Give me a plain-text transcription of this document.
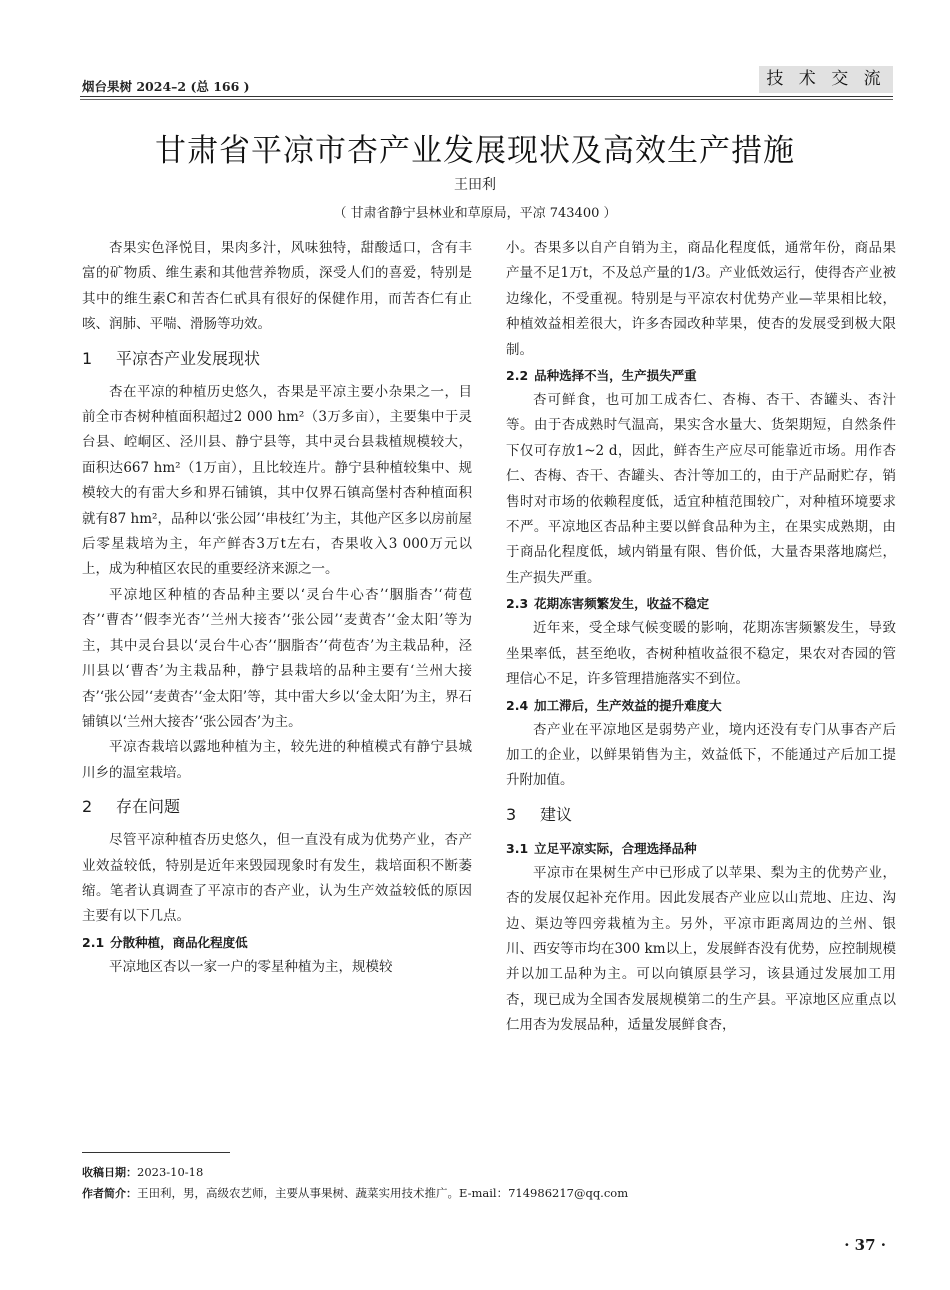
烟台果树 2024–2 (总 166 )	技 术 交 流
甘肃省平凉市杏产业发展现状及高效生产措施
王田利
（ 甘肃省静宁县林业和草原局，平凉 743400 ）

杏果实色泽悦目，果肉多汁，风味独特，甜酸适口，含有丰富的矿物质、维生素和其他营养物质，深受人们的喜爱，特别是其中的维生素C和苦杏仁甙具有很好的保健作用，而苦杏仁有止咳、润肺、平喘、滑肠等功效。

1 平凉杏产业发展现状

杏在平凉的种植历史悠久，杏果是平凉主要小杂果之一，目前全市杏树种植面积超过2 000 hm²（3万多亩），主要集中于灵台县、崆峒区、泾川县、静宁县等，其中灵台县栽植规模较大，面积达667 hm²（1万亩），且比较连片。静宁县种植较集中、规模较大的有雷大乡和界石铺镇，其中仅界石镇高堡村杏种植面积就有87 hm²，品种以‘张公园’‘串枝红’为主，其他产区多以房前屋后零星栽培为主，年产鲜杏3万t左右，杏果收入3 000万元以上，成为种植区农民的重要经济来源之一。

平凉地区种植的杏品种主要以‘灵台牛心杏’‘胭脂杏’‘荷苞杏’‘曹杏’‘假李光杏’‘兰州大接杏’‘张公园’‘麦黄杏’‘金太阳’等为主，其中灵台县以‘灵台牛心杏’‘胭脂杏’‘荷苞杏’为主栽品种，泾川县以‘曹杏’为主栽品种，静宁县栽培的品种主要有‘兰州大接杏’‘张公园’‘麦黄杏’‘金太阳’等，其中雷大乡以‘金太阳’为主，界石铺镇以‘兰州大接杏’‘张公园杏’为主。

平凉杏栽培以露地种植为主，较先进的种植模式有静宁县城川乡的温室栽培。

2 存在问题

尽管平凉种植杏历史悠久，但一直没有成为优势产业，杏产业效益较低，特别是近年来毁园现象时有发生，栽培面积不断萎缩。笔者认真调查了平凉市的杏产业，认为生产效益较低的原因主要有以下几点。

2.1 分散种植，商品化程度低

平凉地区杏以一家一户的零星种植为主，规模较

小。杏果多以自产自销为主，商品化程度低，通常年份，商品果产量不足1万t，不及总产量的1/3。产业低效运行，使得杏产业被边缘化，不受重视。特别是与平凉农村优势产业—苹果相比较，种植效益相差很大，许多杏园改种苹果，使杏的发展受到极大限制。

2.2 品种选择不当，生产损失严重

杏可鲜食，也可加工成杏仁、杏梅、杏干、杏罐头、杏汁等。由于杏成熟时气温高，果实含水量大、货架期短，自然条件下仅可存放1~2 d，因此，鲜杏生产应尽可能靠近市场。用作杏仁、杏梅、杏干、杏罐头、杏汁等加工的，由于产品耐贮存，销售时对市场的依赖程度低，适宜种植范围较广，对种植环境要求不严。平凉地区杏品种主要以鲜食品种为主，在果实成熟期，由于商品化程度低，域内销量有限、售价低，大量杏果落地腐烂，生产损失严重。

2.3 花期冻害频繁发生，收益不稳定

近年来，受全球气候变暖的影响，花期冻害频繁发生，导致坐果率低，甚至绝收，杏树种植收益很不稳定，果农对杏园的管理信心不足，许多管理措施落实不到位。

2.4 加工滞后，生产效益的提升难度大

杏产业在平凉地区是弱势产业，境内还没有专门从事杏产后加工的企业，以鲜果销售为主，效益低下，不能通过产后加工提升附加值。

3 建议
3.1 立足平凉实际，合理选择品种

平凉市在果树生产中已形成了以苹果、梨为主的优势产业，杏的发展仅起补充作用。因此发展杏产业应以山荒地、庄边、沟边、渠边等四旁栽植为主。另外，平凉市距离周边的兰州、银川、西安等市均在300 km以上，发展鲜杏没有优势，应控制规模并以加工品种为主。可以向镇原县学习，该县通过发展加工用杏，现已成为全国杏发展规模第二的生产县。平凉地区应重点以仁用杏为发展品种，适量发展鲜食杏，

收稿日期：2023-10-18
作者简介：王田利，男，高级农艺师，主要从事果树、蔬菜实用技术推广。E-mail：714986217@qq.com
· 37 ·
